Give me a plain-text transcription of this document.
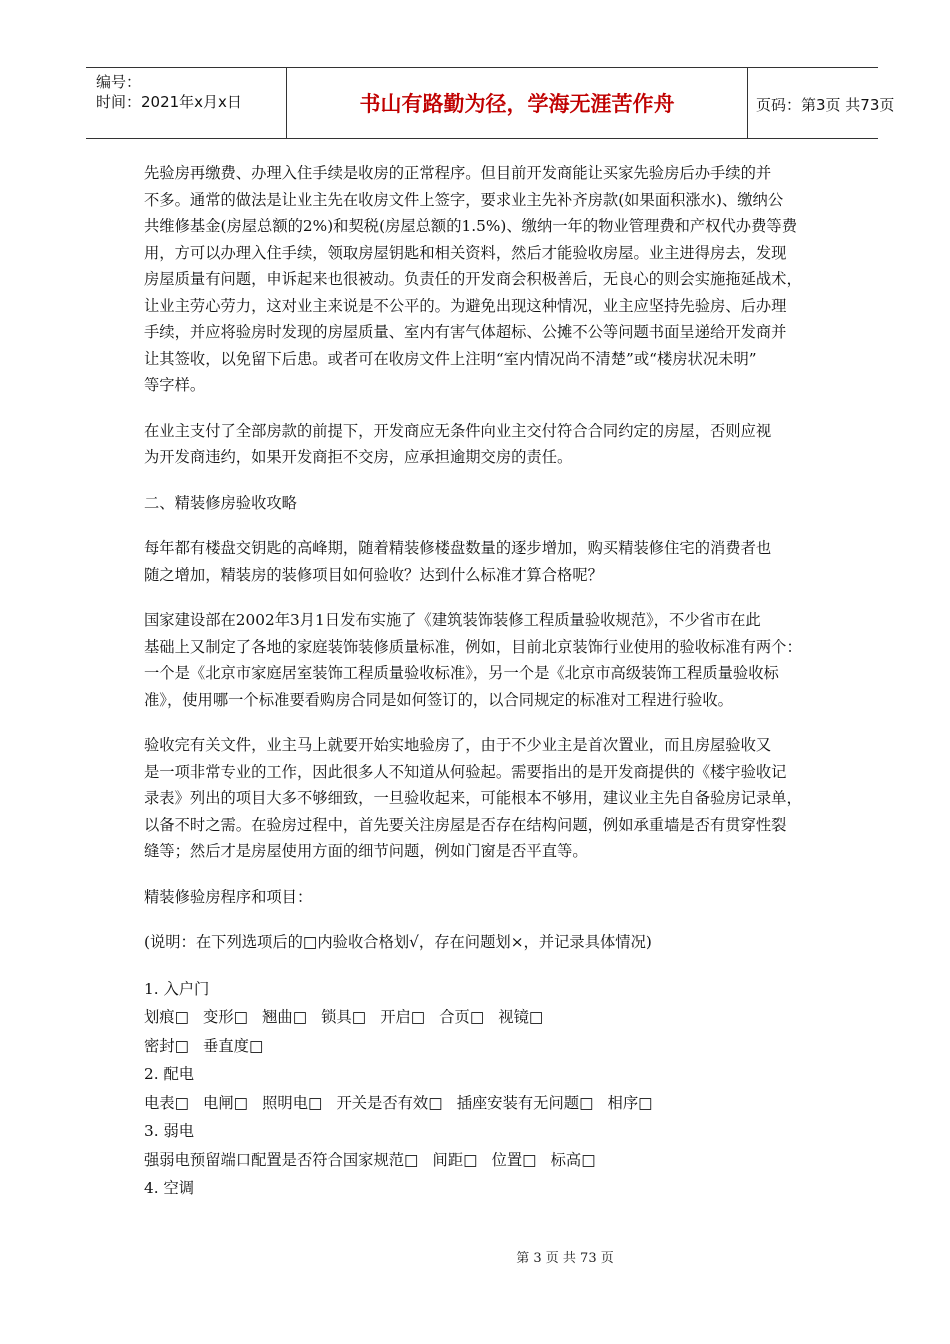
编号：
时间：2021年x月x日	书山有路勤为径，学海无涯苦作舟	页码：第3页 共73页
先验房再缴费、办理入住手续是收房的正常程序。但目前开发商能让买家先验房后办手续的并
不多。通常的做法是让业主先在收房文件上签字，要求业主先补齐房款(如果面积涨水)、缴纳公
共维修基金(房屋总额的2%)和契税(房屋总额的1.5%)、缴纳一年的物业管理费和产权代办费等费
用，方可以办理入住手续，领取房屋钥匙和相关资料，然后才能验收房屋。业主进得房去，发现
房屋质量有问题，申诉起来也很被动。负责任的开发商会积极善后，无良心的则会实施拖延战术，
让业主劳心劳力，这对业主来说是不公平的。为避免出现这种情况，业主应坚持先验房、后办理
手续，并应将验房时发现的房屋质量、室内有害气体超标、公摊不公等问题书面呈递给开发商并
让其签收，以免留下后患。或者可在收房文件上注明“室内情况尚不清楚”或“楼房状况未明”
等字样。
在业主支付了全部房款的前提下，开发商应无条件向业主交付符合合同约定的房屋，否则应视
为开发商违约，如果开发商拒不交房，应承担逾期交房的责任。
二、精装修房验收攻略
每年都有楼盘交钥匙的高峰期，随着精装修楼盘数量的逐步增加，购买精装修住宅的消费者也
随之增加，精装房的装修项目如何验收？达到什么标准才算合格呢？
国家建设部在2002年3月1日发布实施了《建筑装饰装修工程质量验收规范》，不少省市在此
基础上又制定了各地的家庭装饰装修质量标准，例如，目前北京装饰行业使用的验收标准有两个：
一个是《北京市家庭居室装饰工程质量验收标准》，另一个是《北京市高级装饰工程质量验收标
准》，使用哪一个标准要看购房合同是如何签订的，以合同规定的标准对工程进行验收。
验收完有关文件，业主马上就要开始实地验房了，由于不少业主是首次置业，而且房屋验收又
是一项非常专业的工作，因此很多人不知道从何验起。需要指出的是开发商提供的《楼宇验收记
录表》列出的项目大多不够细致，一旦验收起来，可能根本不够用，建议业主先自备验房记录单，
以备不时之需。在验房过程中，首先要关注房屋是否存在结构问题，例如承重墙是否有贯穿性裂
缝等；然后才是房屋使用方面的细节问题，例如门窗是否平直等。
精装修验房程序和项目：
(说明：在下列选项后的□内验收合格划√，存在问题划×，并记录具体情况)
1. 入户门
划痕□ 变形□ 翘曲□ 锁具□ 开启□ 合页□ 视镜□
密封□ 垂直度□
2. 配电
电表□ 电闸□ 照明电□ 开关是否有效□ 插座安装有无问题□ 相序□
3. 弱电
强弱电预留端口配置是否符合国家规范□ 间距□ 位置□ 标高□
4. 空调
第 3 页 共 73 页
